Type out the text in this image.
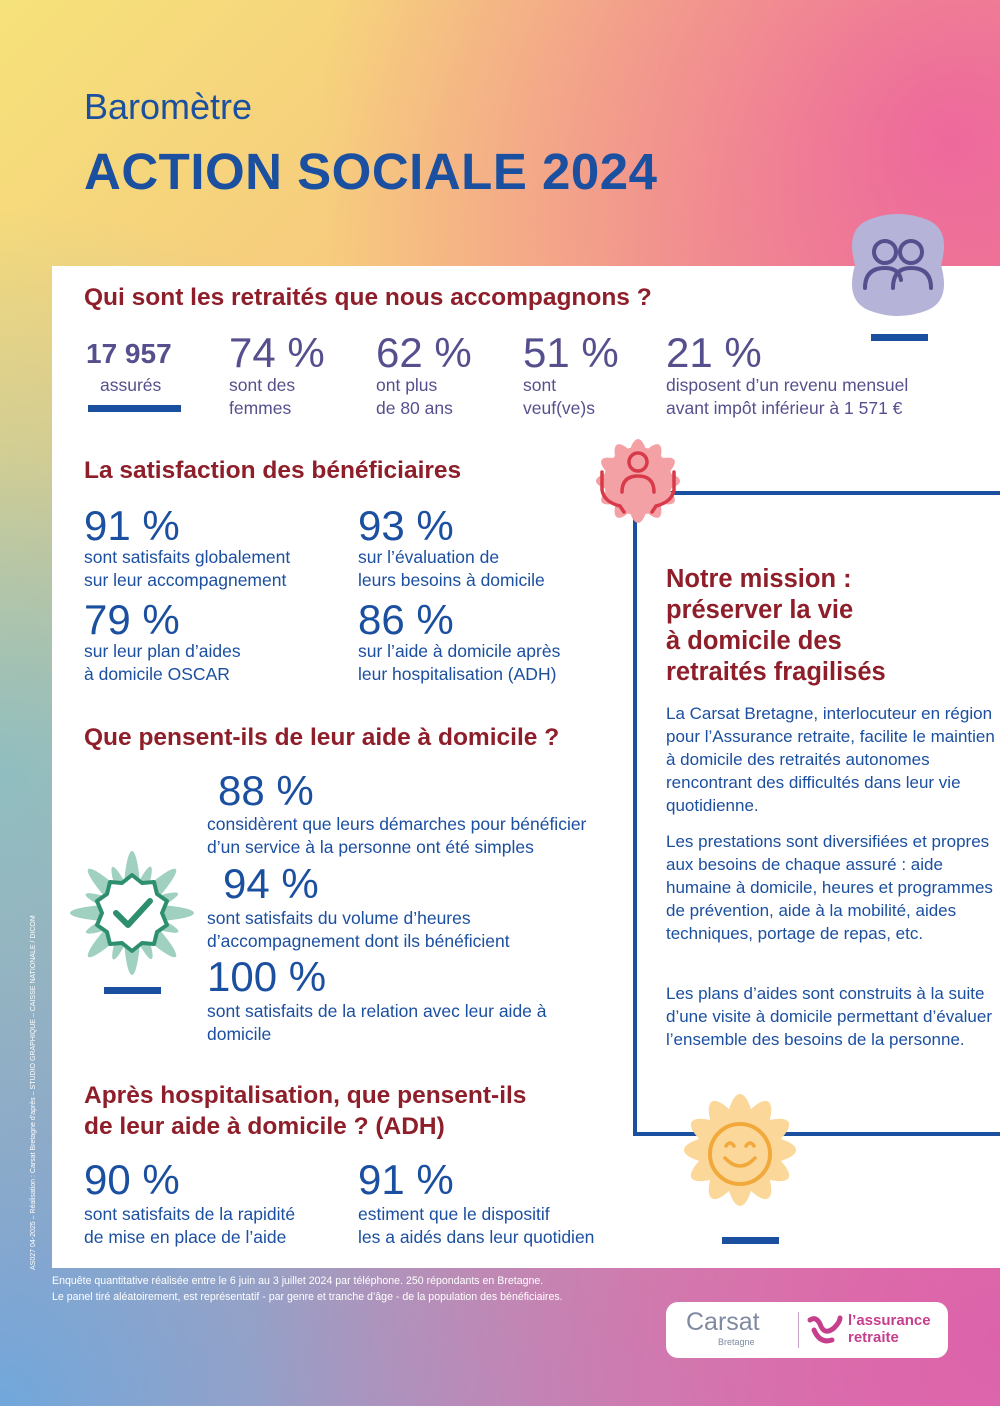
Baromètre
ACTION SOCIALE 2024
Qui sont les retraités que nous accompagnons ?
17 957
assurés
74 %
sont des
femmes
62 %
ont plus
de 80 ans
51 %
sont
veuf(ve)s
21 %
disposent d’un revenu mensuel
avant impôt inférieur à 1 571 €
La satisfaction des bénéficiaires
91 %
sont satisfaits globalement
sur leur accompagnement
93 %
sur l’évaluation de
leurs besoins à domicile
79 %
sur leur plan d’aides
à domicile OSCAR
86 %
sur l’aide à domicile après
leur hospitalisation (ADH)
Notre mission :
préserver la vie
à domicile des
retraités fragilisés
La Carsat Bretagne, interlocuteur en région pour l’Assurance retraite, facilite le maintien à domicile des retraités autonomes rencontrant des difficultés dans leur vie quotidienne.
Les prestations sont diversifiées et propres aux besoins de chaque assuré : aide humaine à domicile, heures et programmes de prévention, aide à la mobilité, aides techniques, portage de repas, etc.
Les plans d’aides sont construits à la suite d’une visite à domicile permettant d’évaluer l’ensemble des besoins de la personne.
Que pensent-ils de leur aide à domicile ?
88 %
considèrent que leurs démarches pour bénéficier
d’un service à la personne ont été simples
94 %
sont satisfaits du volume d’heures
d’accompagnement dont ils bénéficient
100 %
sont satisfaits de la relation avec leur aide à
domicile
Après hospitalisation, que pensent-ils
de leur aide à domicile ? (ADH)
90 %
sont satisfaits de la rapidité
de mise en place de l’aide
91 %
estiment que le dispositif
les a aidés dans leur quotidien
Enquête quantitative réalisée entre le 6 juin au 3 juillet 2024 par téléphone. 250 répondants en Bretagne.
Le panel tiré aléatoirement, est représentatif - par genre et tranche d’âge - de la population des bénéficiaires.
AS027 04-2025 – Réalisation : Carsat Bretagne d’après – STUDIO GRAPHIQUE – CAISSE NATIONALE / DICOM
Carsat
Bretagne
l’assurance
retraite
